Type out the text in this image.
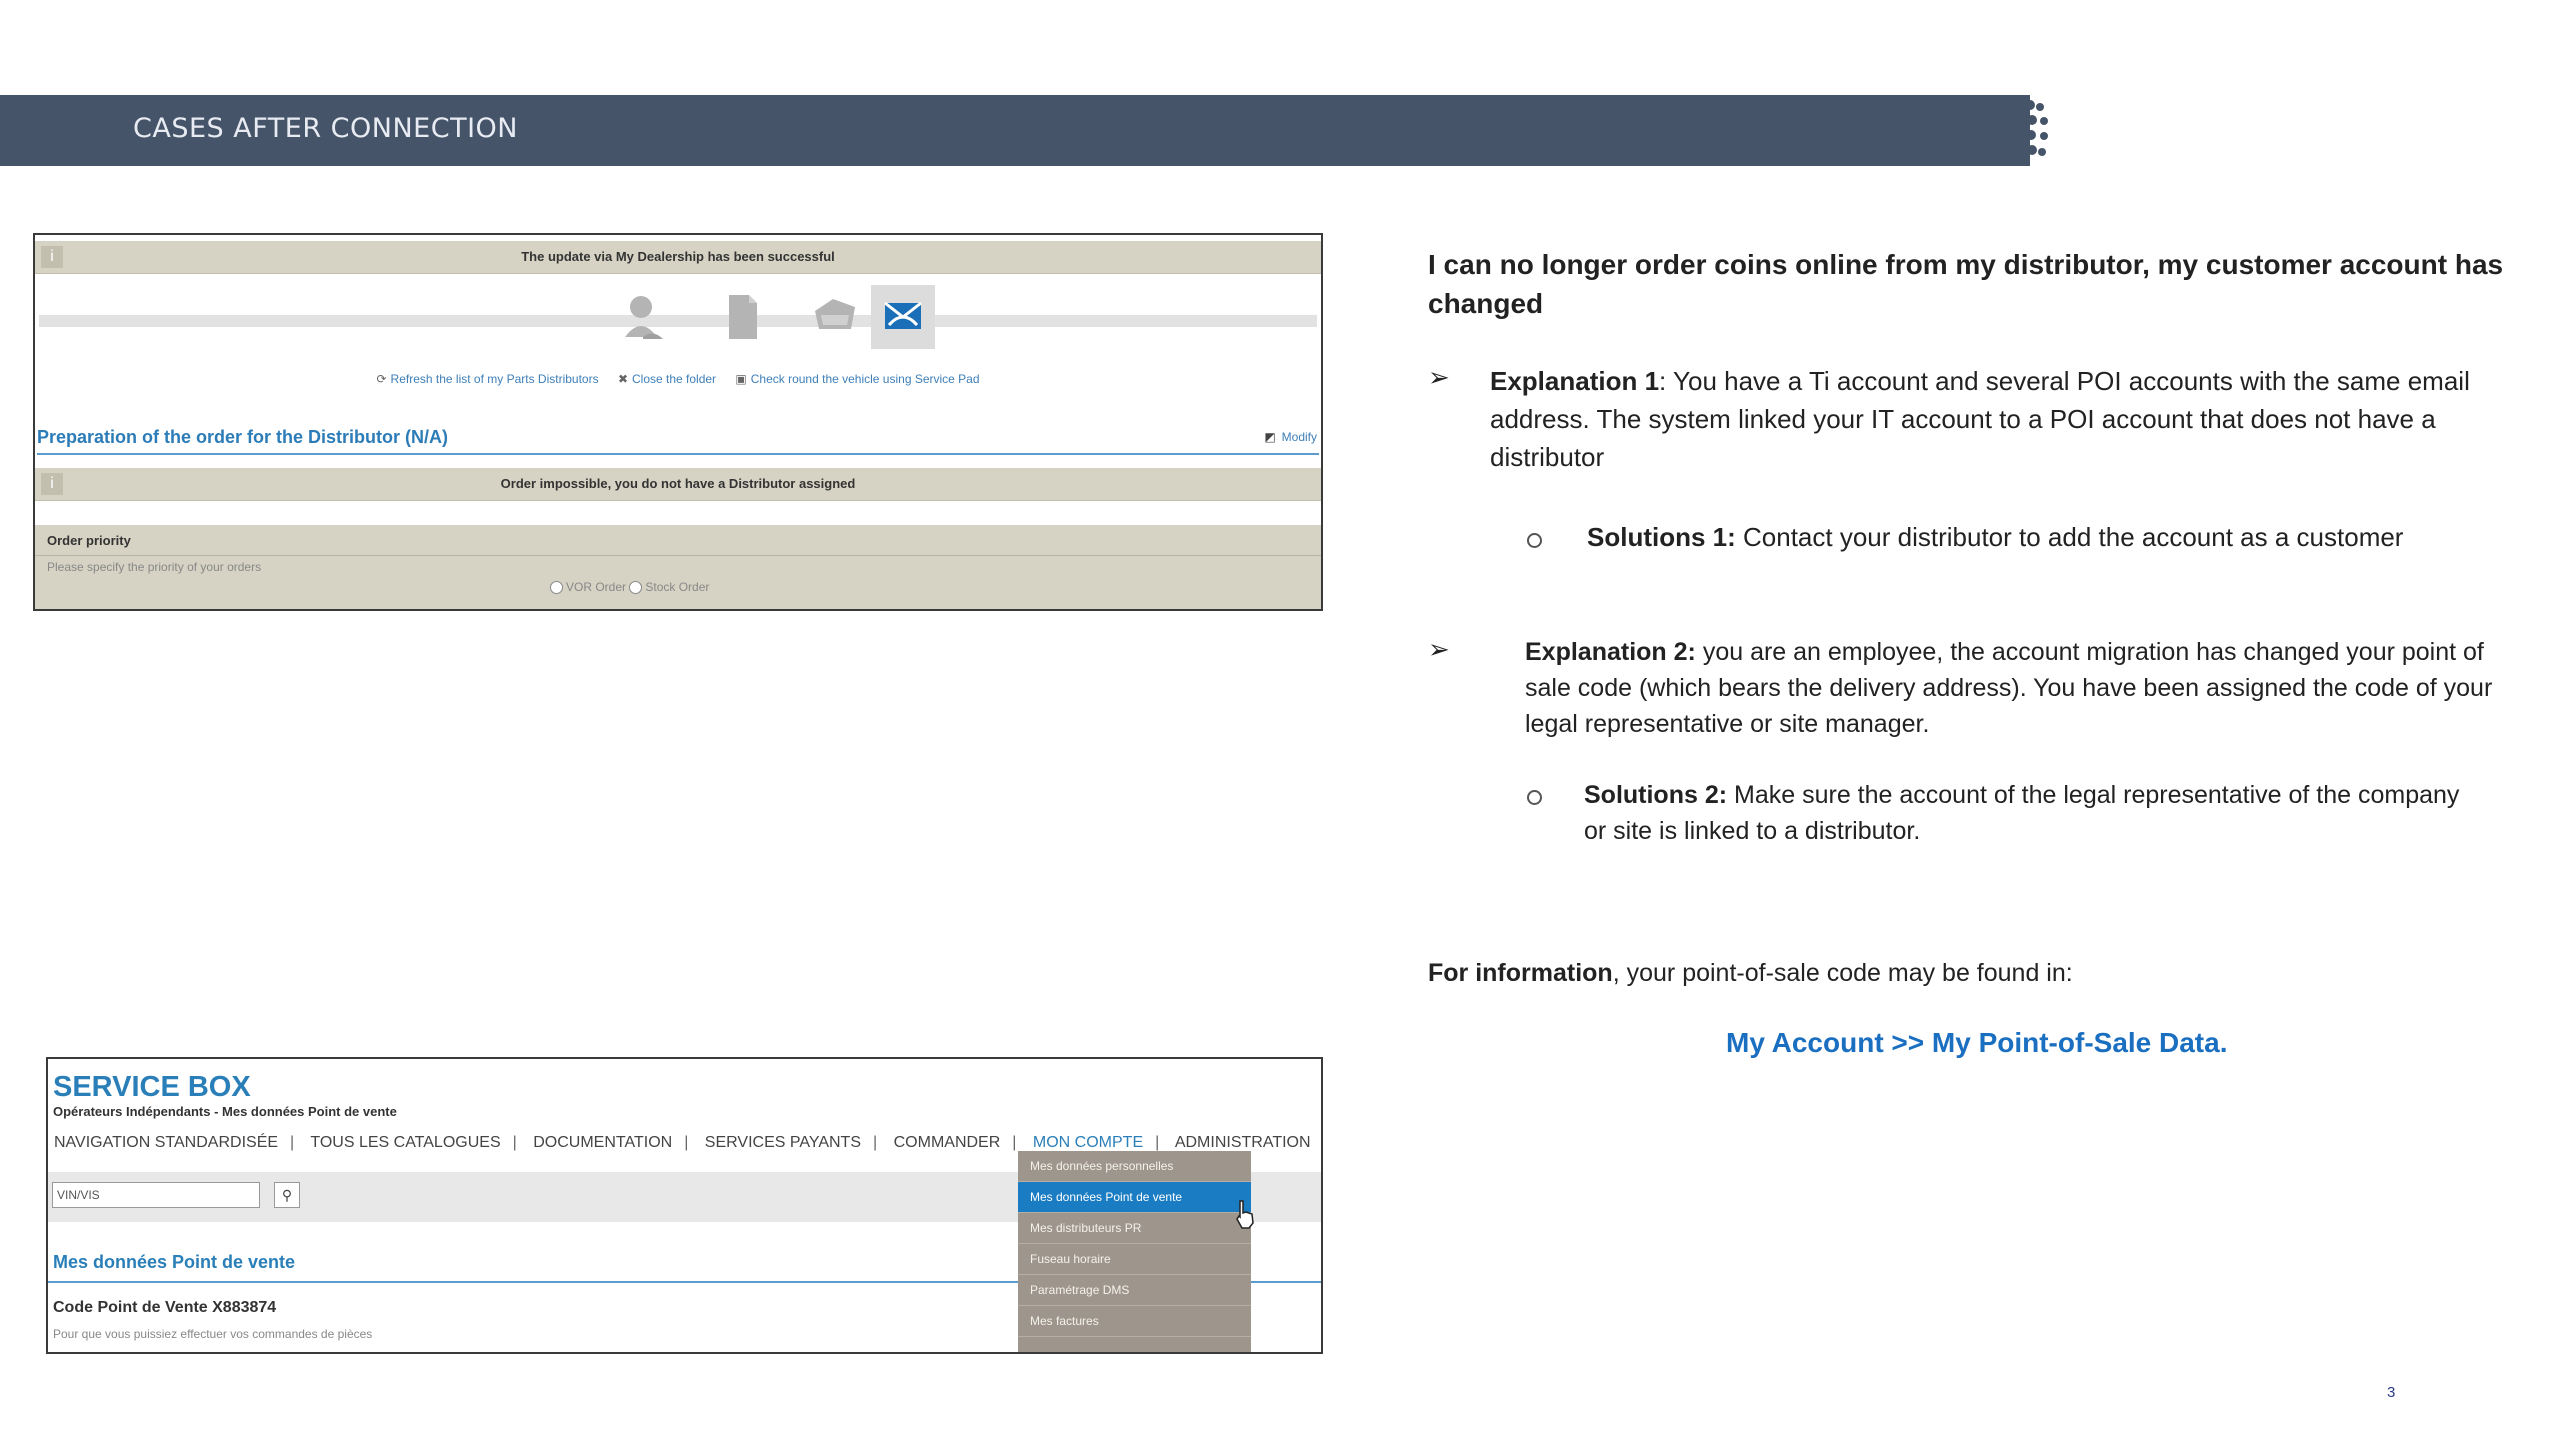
CASES AFTER CONNECTION
i	The update via My Dealership has been successful
⟳ Refresh the list of my Parts Distributors ✖ Close the folder ▣ Check round the vehicle using Service Pad
Preparation of the order for the Distributor (N/A)	◩ Modify
i	Order impossible, you do not have a Distributor assigned
Order priority
Please specify the priority of your orders
VOR Order Stock Order
SERVICE BOX
Opérateurs Indépendants - Mes données Point de vente
NAVIGATION STANDARDISÉE | TOUS LES CATALOGUES | DOCUMENTATION | SERVICES PAYANTS | COMMANDER | MON COMPTE | ADMINISTRATION
VIN/VIS	⚲
Mes données Point de vente
Code Point de Vente X883874
Pour que vous puissiez effectuer vos commandes de pièces
Mes données personnelles
Mes données Point de vente
Mes distributeurs PR
Fuseau horaire
Paramétrage DMS
Mes factures
I can no longer order coins online from my distributor, my customer account has changed
➢ Explanation 1: You have a Ti account and several POI accounts with the same email address. The system linked your IT account to a POI account that does not have a distributor
Solutions 1: Contact your distributor to add the account as a customer
➢	Explanation 2: you are an employee, the account migration has changed your point of sale code (which bears the delivery address). You have been assigned the code of your legal representative or site manager.
Solutions 2: Make sure the account of the legal representative of the company or site is linked to a distributor.
For information, your point-of-sale code may be found in:
My Account >> My Point-of-Sale Data.
3
